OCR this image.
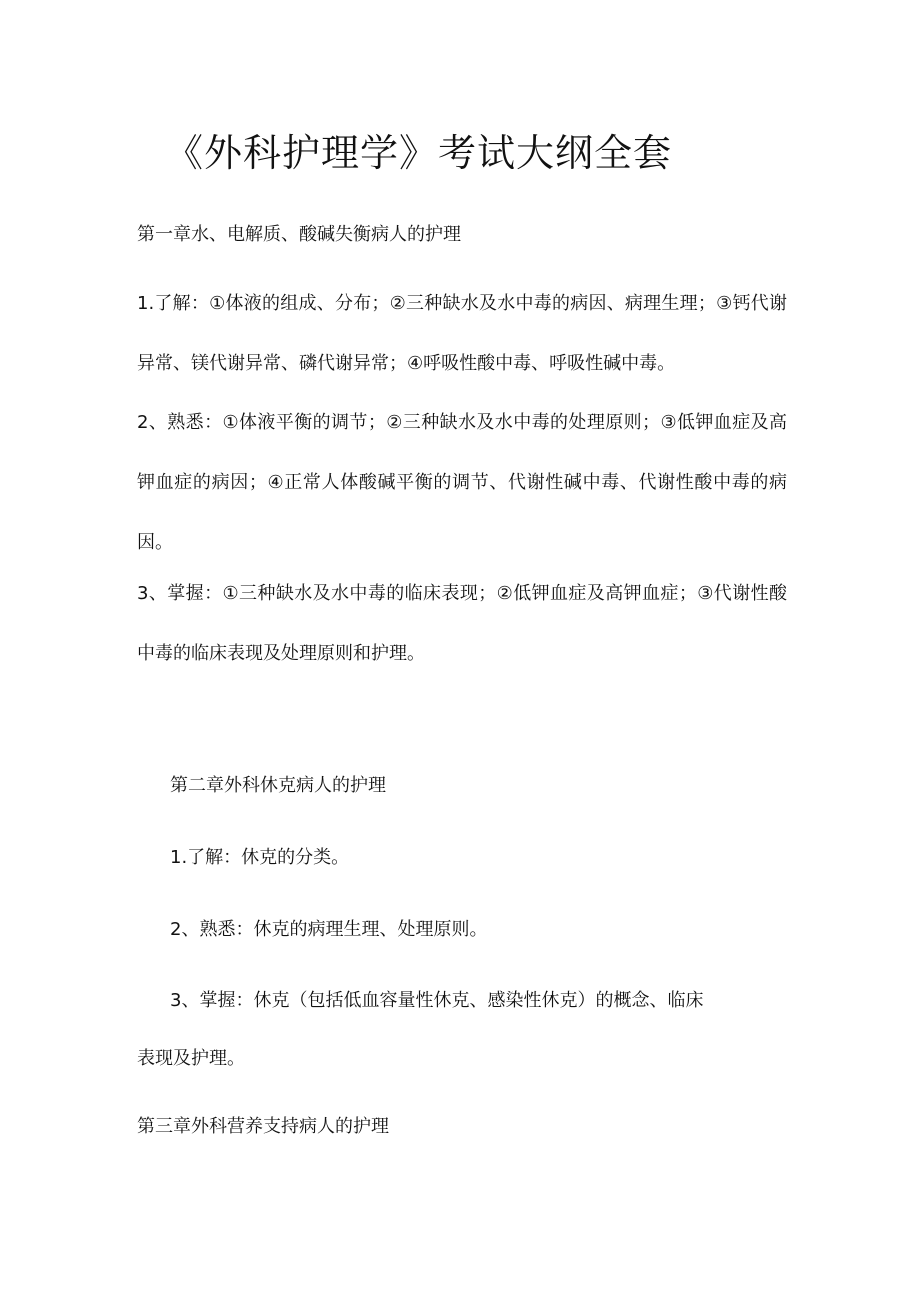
《外科护理学》考试大纲全套

第一章水、电解质、酸碱失衡病人的护理

1.了解：①体液的组成、分布；②三种缺水及水中毒的病因、病理生理；③钙代谢异常、镁代谢异常、磷代谢异常；④呼吸性酸中毒、呼吸性碱中毒。

2、熟悉：①体液平衡的调节；②三种缺水及水中毒的处理原则；③低钾血症及高钾血症的病因；④正常人体酸碱平衡的调节、代谢性碱中毒、代谢性酸中毒的病因。

3、掌握：①三种缺水及水中毒的临床表现；②低钾血症及高钾血症；③代谢性酸中毒的临床表现及处理原则和护理。

第二章外科休克病人的护理

1.了解：休克的分类。

2、熟悉：休克的病理生理、处理原则。

3、掌握：休克（包括低血容量性休克、感染性休克）的概念、临床

表现及护理。

第三章外科营养支持病人的护理
